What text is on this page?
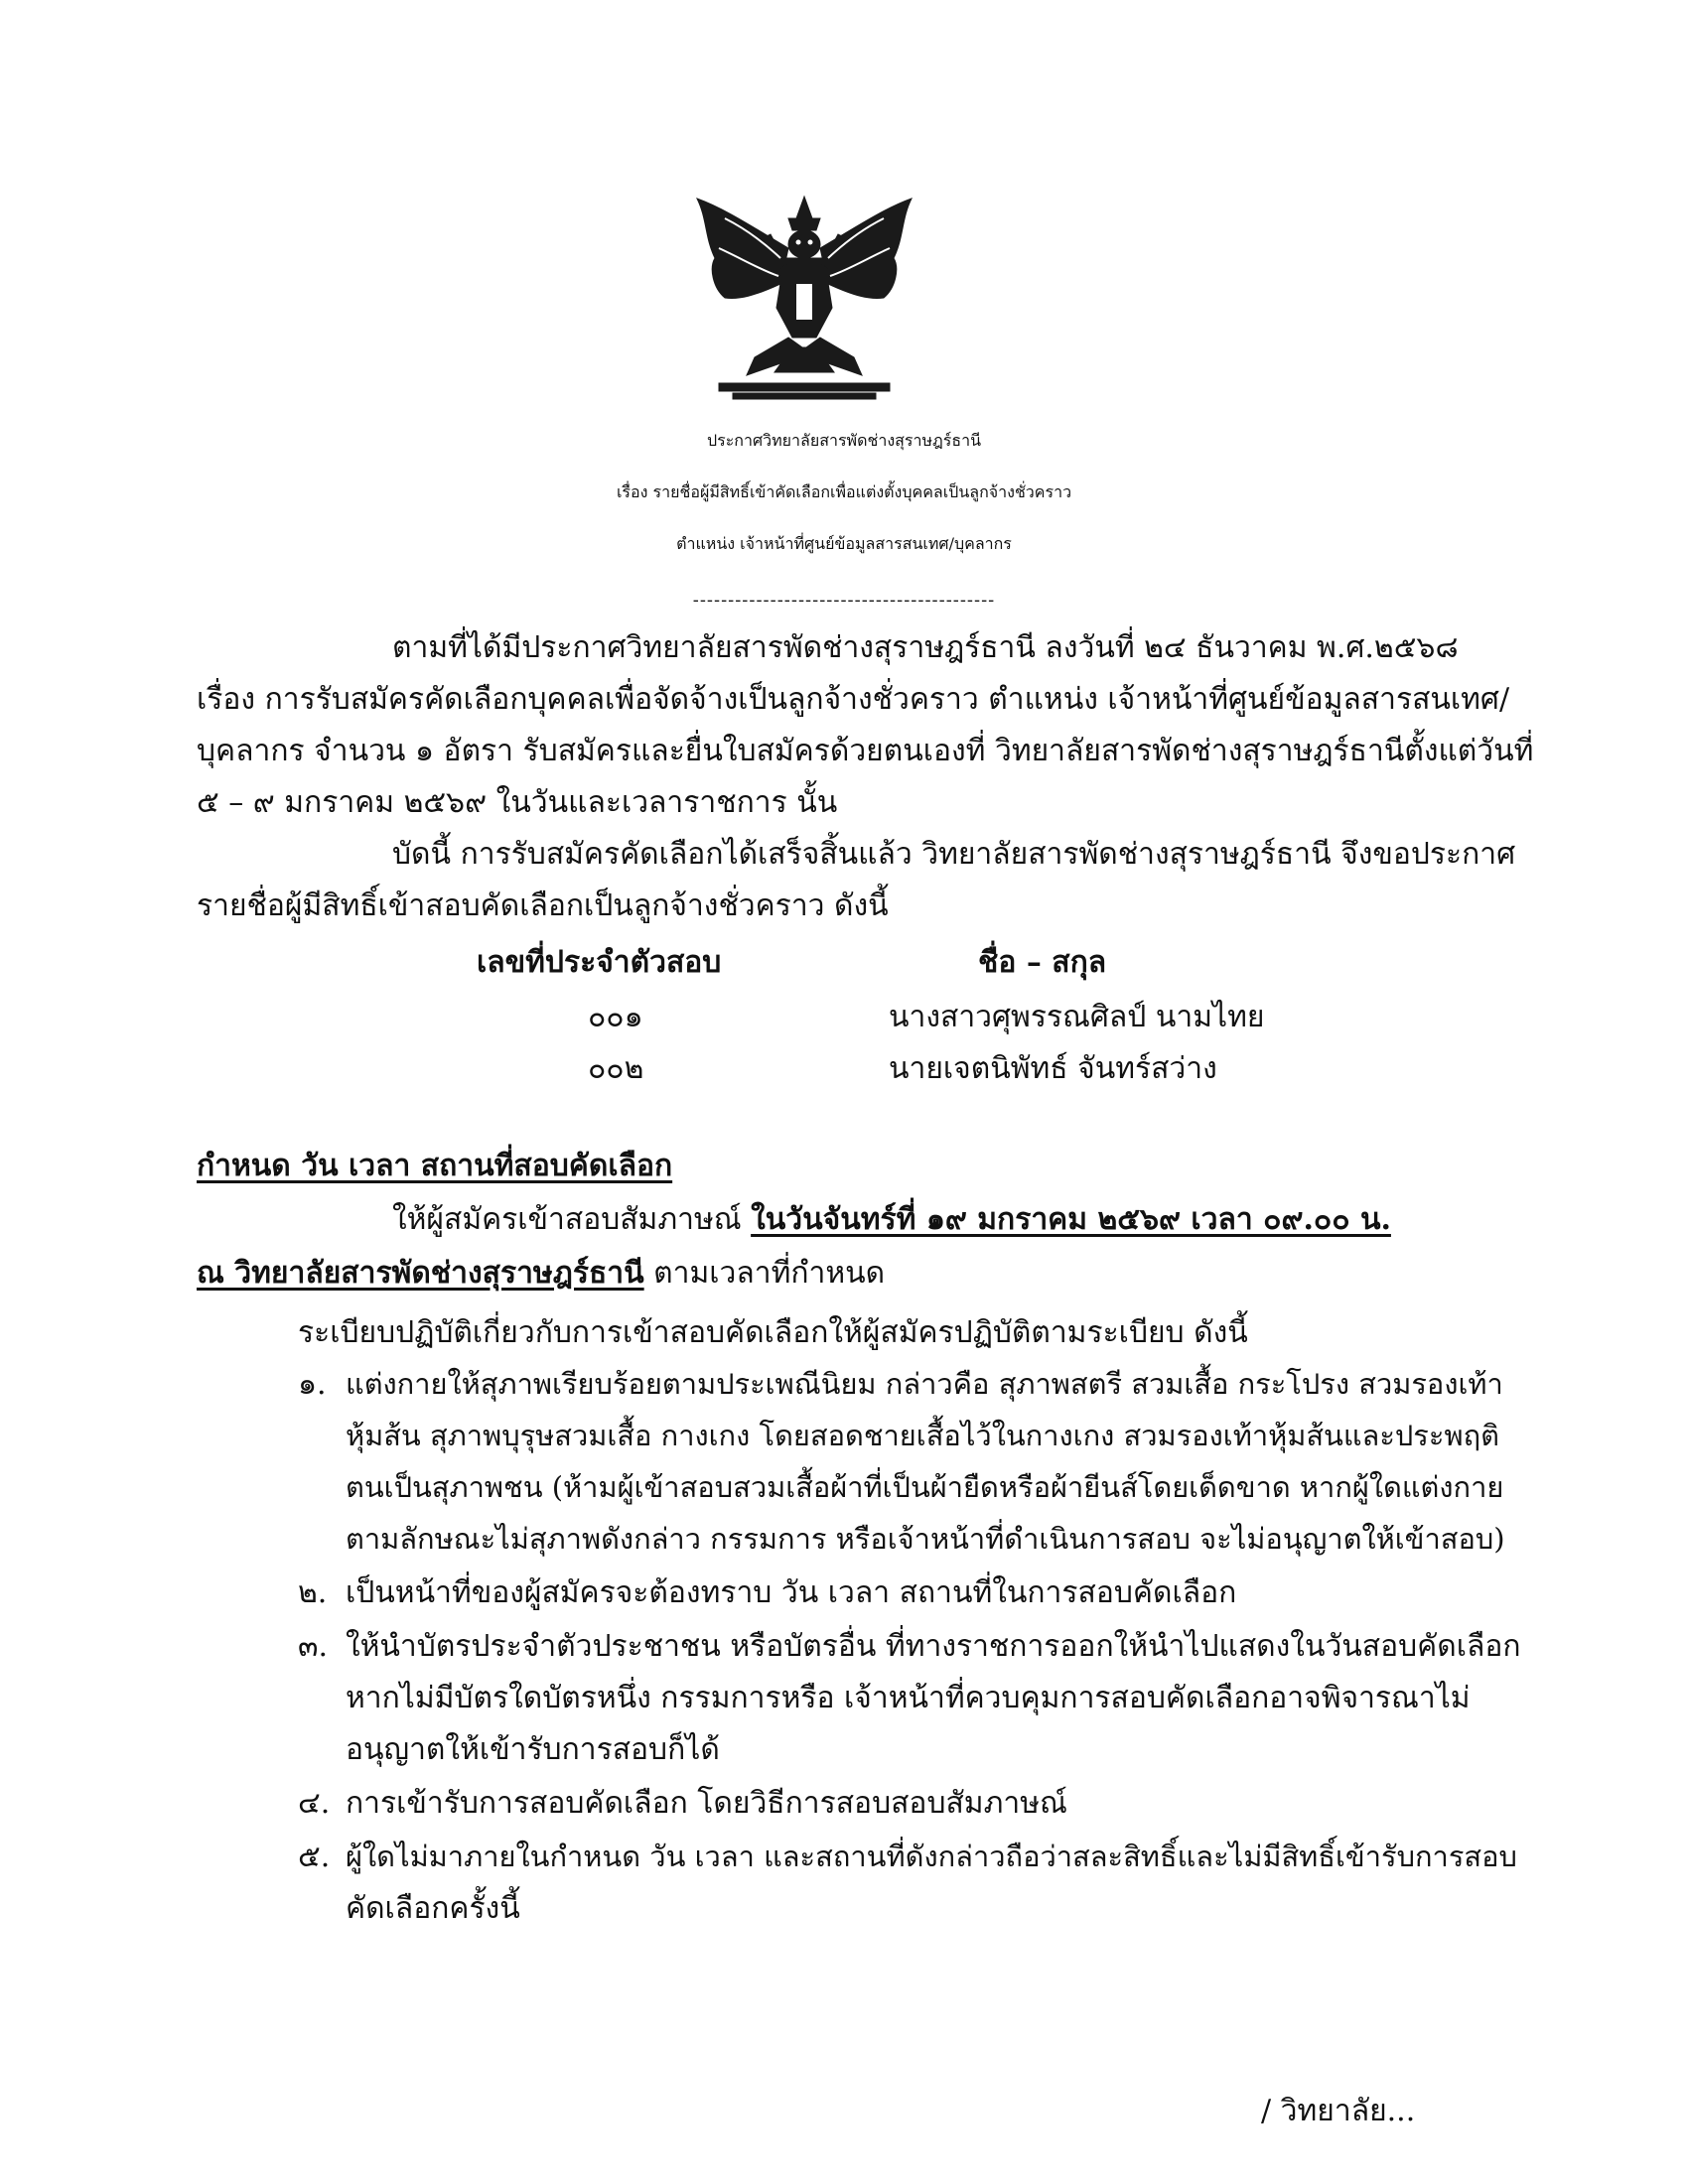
ประกาศวิทยาลัยสารพัดช่างสุราษฎร์ธานี
เรื่อง รายชื่อผู้มีสิทธิ์เข้าคัดเลือกเพื่อแต่งตั้งบุคคลเป็นลูกจ้างชั่วคราว
ตำแหน่ง เจ้าหน้าที่ศูนย์ข้อมูลสารสนเทศ/บุคลากร
-------------------------------------------
ตามที่ได้มีประกาศวิทยาลัยสารพัดช่างสุราษฎร์ธานี ลงวันที่ ๒๔ ธันวาคม พ.ศ.๒๕๖๘
เรื่อง การรับสมัครคัดเลือกบุคคลเพื่อจัดจ้างเป็นลูกจ้างชั่วคราว ตำแหน่ง เจ้าหน้าที่ศูนย์ข้อมูลสารสนเทศ/
บุคลากร จำนวน ๑ อัตรา รับสมัครและยื่นใบสมัครด้วยตนเองที่ วิทยาลัยสารพัดช่างสุราษฎร์ธานีตั้งแต่วันที่
๕ – ๙ มกราคม ๒๕๖๙ ในวันและเวลาราชการ นั้น
บัดนี้ การรับสมัครคัดเลือกได้เสร็จสิ้นแล้ว วิทยาลัยสารพัดช่างสุราษฎร์ธานี จึงขอประกาศ
รายชื่อผู้มีสิทธิ์เข้าสอบคัดเลือกเป็นลูกจ้างชั่วคราว ดังนี้
เลขที่ประจำตัวสอบ	ชื่อ – สกุล
๐๐๑	นางสาวศุพรรณศิลป์ นามไทย
๐๐๒	นายเจตนิพัทธ์ จันทร์สว่าง
กำหนด วัน เวลา สถานที่สอบคัดเลือก
ให้ผู้สมัครเข้าสอบสัมภาษณ์ ในวันจันทร์ที่ ๑๙ มกราคม ๒๕๖๙ เวลา ๐๙.๐๐ น.
ณ วิทยาลัยสารพัดช่างสุราษฎร์ธานี ตามเวลาที่กำหนด
ระเบียบปฏิบัติเกี่ยวกับการเข้าสอบคัดเลือกให้ผู้สมัครปฏิบัติตามระเบียบ ดังนี้
๑. แต่งกายให้สุภาพเรียบร้อยตามประเพณีนิยม กล่าวคือ สุภาพสตรี สวมเสื้อ กระโปรง สวมรองเท้า
หุ้มส้น สุภาพบุรุษสวมเสื้อ กางเกง โดยสอดชายเสื้อไว้ในกางเกง สวมรองเท้าหุ้มส้นและประพฤติ
ตนเป็นสุภาพชน (ห้ามผู้เข้าสอบสวมเสื้อผ้าที่เป็นผ้ายืดหรือผ้ายีนส์โดยเด็ดขาด หากผู้ใดแต่งกาย
ตามลักษณะไม่สุภาพดังกล่าว กรรมการ หรือเจ้าหน้าที่ดำเนินการสอบ จะไม่อนุญาตให้เข้าสอบ)
๒. เป็นหน้าที่ของผู้สมัครจะต้องทราบ วัน เวลา สถานที่ในการสอบคัดเลือก
๓. ให้นำบัตรประจำตัวประชาชน หรือบัตรอื่น ที่ทางราชการออกให้นำไปแสดงในวันสอบคัดเลือก
หากไม่มีบัตรใดบัตรหนึ่ง กรรมการหรือ เจ้าหน้าที่ควบคุมการสอบคัดเลือกอาจพิจารณาไม่
อนุญาตให้เข้ารับการสอบก็ได้
๔. การเข้ารับการสอบคัดเลือก โดยวิธีการสอบสอบสัมภาษณ์
๕. ผู้ใดไม่มาภายในกำหนด วัน เวลา และสถานที่ดังกล่าวถือว่าสละสิทธิ์และไม่มีสิทธิ์เข้ารับการสอบ
คัดเลือกครั้งนี้
/ วิทยาลัย...
